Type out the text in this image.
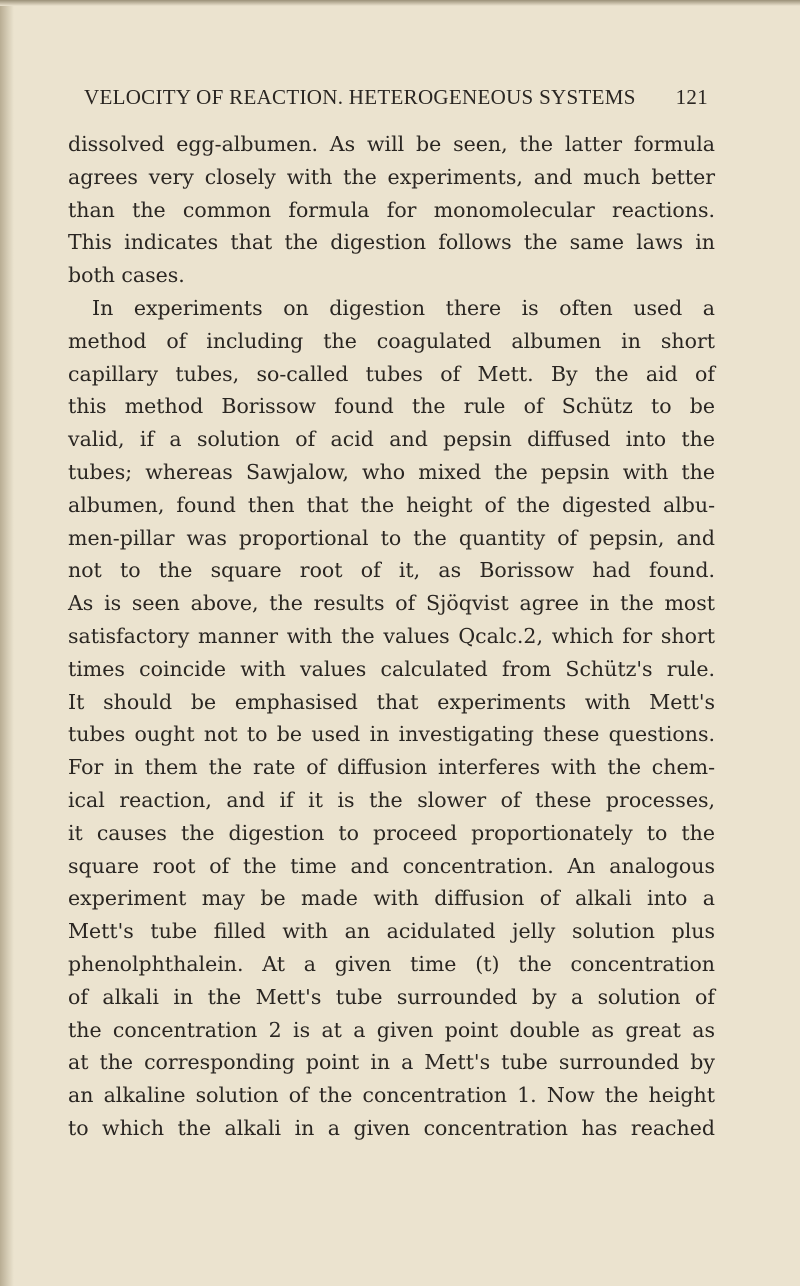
VELOCITY OF REACTION. HETEROGENEOUS SYSTEMS 121
dissolved egg-albumen. As will be seen, the latter formula
agrees very closely with the experiments, and much better
than the common formula for monomolecular reactions.
This indicates that the digestion follows the same laws in
both cases.
In experiments on digestion there is often used a
method of including the coagulated albumen in short
capillary tubes, so-called tubes of Mett. By the aid of
this method Borissow found the rule of Schütz to be
valid, if a solution of acid and pepsin diffused into the
tubes; whereas Sawjalow, who mixed the pepsin with the
albumen, found then that the height of the digested albu-
men-pillar was proportional to the quantity of pepsin, and
not to the square root of it, as Borissow had found.
As is seen above, the results of Sjöqvist agree in the most
satisfactory manner with the values Qcalc.2, which for short
times coincide with values calculated from Schütz's rule.
It should be emphasised that experiments with Mett's
tubes ought not to be used in investigating these questions.
For in them the rate of diffusion interferes with the chem-
ical reaction, and if it is the slower of these processes,
it causes the digestion to proceed proportionately to the
square root of the time and concentration. An analogous
experiment may be made with diffusion of alkali into a
Mett's tube filled with an acidulated jelly solution plus
phenolphthalein. At a given time (t) the concentration
of alkali in the Mett's tube surrounded by a solution of
the concentration 2 is at a given point double as great as
at the corresponding point in a Mett's tube surrounded by
an alkaline solution of the concentration 1. Now the height
to which the alkali in a given concentration has reached
